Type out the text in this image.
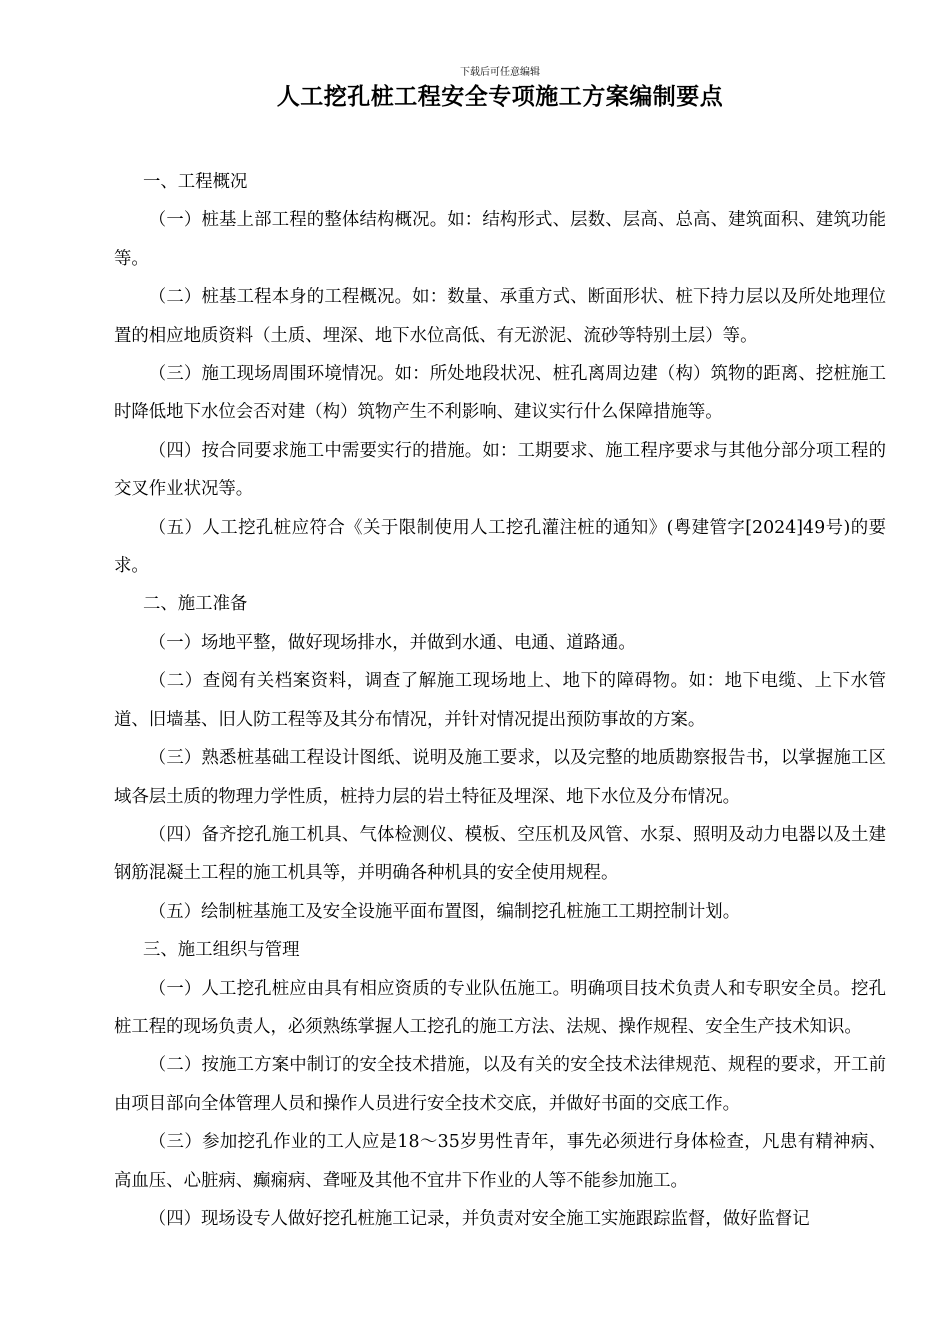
下载后可任意编辑
人工挖孔桩工程安全专项施工方案编制要点

一、工程概况

（一）桩基上部工程的整体结构概况。如：结构形式、层数、层高、总高、建筑面积、建筑功能等。

（二）桩基工程本身的工程概况。如：数量、承重方式、断面形状、桩下持力层以及所处地理位置的相应地质资料（土质、埋深、地下水位高低、有无淤泥、流砂等特别土层）等。

（三）施工现场周围环境情况。如：所处地段状况、桩孔离周边建（构）筑物的距离、挖桩施工时降低地下水位会否对建（构）筑物产生不利影响、建议实行什么保障措施等。

（四）按合同要求施工中需要实行的措施。如：工期要求、施工程序要求与其他分部分项工程的交叉作业状况等。

（五）人工挖孔桩应符合《关于限制使用人工挖孔灌注桩的通知》(粤建管字[2024]49号)的要求。

二、施工准备

（一）场地平整，做好现场排水，并做到水通、电通、道路通。

（二）查阅有关档案资料，调查了解施工现场地上、地下的障碍物。如：地下电缆、上下水管道、旧墙基、旧人防工程等及其分布情况，并针对情况提出预防事故的方案。

（三）熟悉桩基础工程设计图纸、说明及施工要求，以及完整的地质勘察报告书，以掌握施工区域各层土质的物理力学性质，桩持力层的岩土特征及埋深、地下水位及分布情况。

（四）备齐挖孔施工机具、气体检测仪、模板、空压机及风管、水泵、照明及动力电器以及土建钢筋混凝土工程的施工机具等，并明确各种机具的安全使用规程。

（五）绘制桩基施工及安全设施平面布置图，编制挖孔桩施工工期控制计划。

三、施工组织与管理

（一）人工挖孔桩应由具有相应资质的专业队伍施工。明确项目技术负责人和专职安全员。挖孔桩工程的现场负责人，必须熟练掌握人工挖孔的施工方法、法规、操作规程、安全生产技术知识。

（二）按施工方案中制订的安全技术措施，以及有关的安全技术法律规范、规程的要求，开工前由项目部向全体管理人员和操作人员进行安全技术交底，并做好书面的交底工作。

（三）参加挖孔作业的工人应是18～35岁男性青年，事先必须进行身体检查，凡患有精神病、高血压、心脏病、癫痫病、聋哑及其他不宜井下作业的人等不能参加施工。

（四）现场设专人做好挖孔桩施工记录，并负责对安全施工实施跟踪监督，做好监督记
